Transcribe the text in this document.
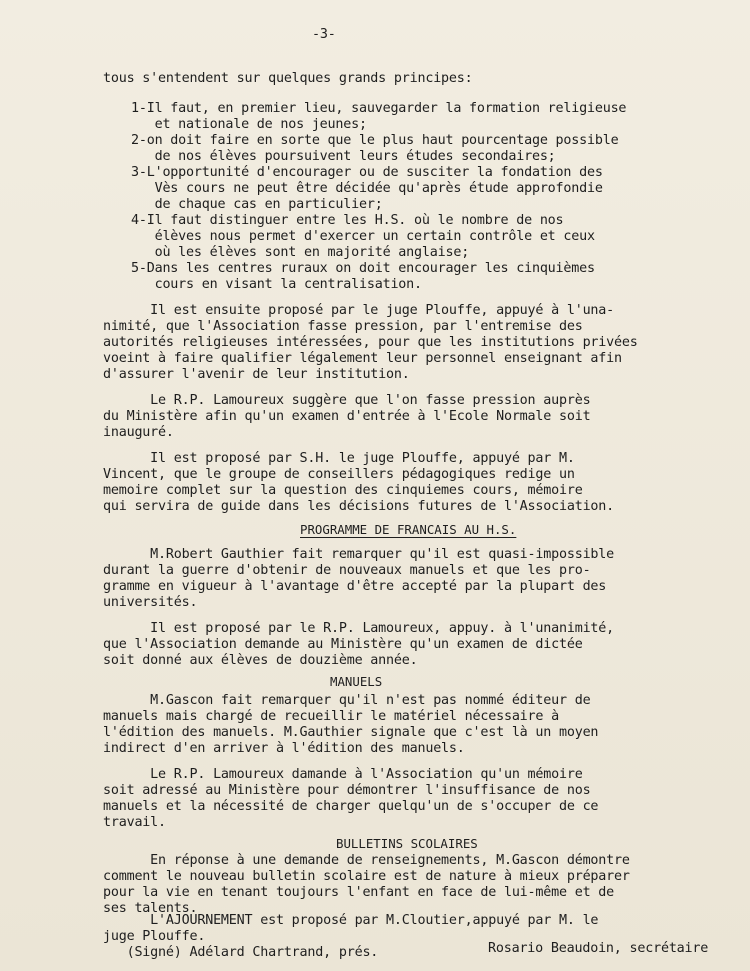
-3-
tous s'entendent sur quelques grands principes:
1-Il faut, en premier lieu, sauvegarder la formation religieuse
et nationale de nos jeunes;
2-on doit faire en sorte que le plus haut pourcentage possible
de nos élèves poursuivent leurs études secondaires;
3-L'opportunité d'encourager ou de susciter la fondation des
Vès cours ne peut être décidée qu'après étude approfondie
de chaque cas en particulier;
4-Il faut distinguer entre les H.S. où le nombre de nos
élèves nous permet d'exercer un certain contrôle et ceux
où les élèves sont en majorité anglaise;
5-Dans les centres ruraux on doit encourager les cinquièmes
cours en visant la centralisation.
Il est ensuite proposé par le juge Plouffe, appuyé à l'una-
nimité, que l'Association fasse pression, par l'entremise des
autorités religieuses intéressées, pour que les institutions privées
voeint à faire qualifier légalement leur personnel enseignant afin
d'assurer l'avenir de leur institution.
Le R.P. Lamoureux suggère que l'on fasse pression auprès
du Ministère afin qu'un examen d'entrée à l'Ecole Normale soit
inauguré.
Il est proposé par S.H. le juge Plouffe, appuyé par M.
Vincent, que le groupe de conseillers pédagogiques redige un
memoire complet sur la question des cinquiemes cours, mémoire
qui servira de guide dans les décisions futures de l'Association.
PROGRAMME DE FRANCAIS AU H.S.
M.Robert Gauthier fait remarquer qu'il est quasi-impossible
durant la guerre d'obtenir de nouveaux manuels et que les pro-
gramme en vigueur à l'avantage d'être accepté par la plupart des
universités.
Il est proposé par le R.P. Lamoureux, appuy. à l'unanimité,
que l'Association demande au Ministère qu'un examen de dictée
soit donné aux élèves de douzième année.
MANUELS
M.Gascon fait remarquer qu'il n'est pas nommé éditeur de
manuels mais chargé de recueillir le matériel nécessaire à
l'édition des manuels. M.Gauthier signale que c'est là un moyen
indirect d'en arriver à l'édition des manuels.
Le R.P. Lamoureux damande à l'Association qu'un mémoire
soit adressé au Ministère pour démontrer l'insuffisance de nos
manuels et la nécessité de charger quelqu'un de s'occuper de ce
travail.
BULLETINS SCOLAIRES
En réponse à une demande de renseignements, M.Gascon démontre
comment le nouveau bulletin scolaire est de nature à mieux préparer
pour la vie en tenant toujours l'enfant en face de lui-même et de
ses talents.
L'AJOURNEMENT est proposé par M.Cloutier,appuyé par M. le
juge Plouffe.
(Signé) Adélard Chartrand, prés.	Rosario Beaudoin, secrétaire
